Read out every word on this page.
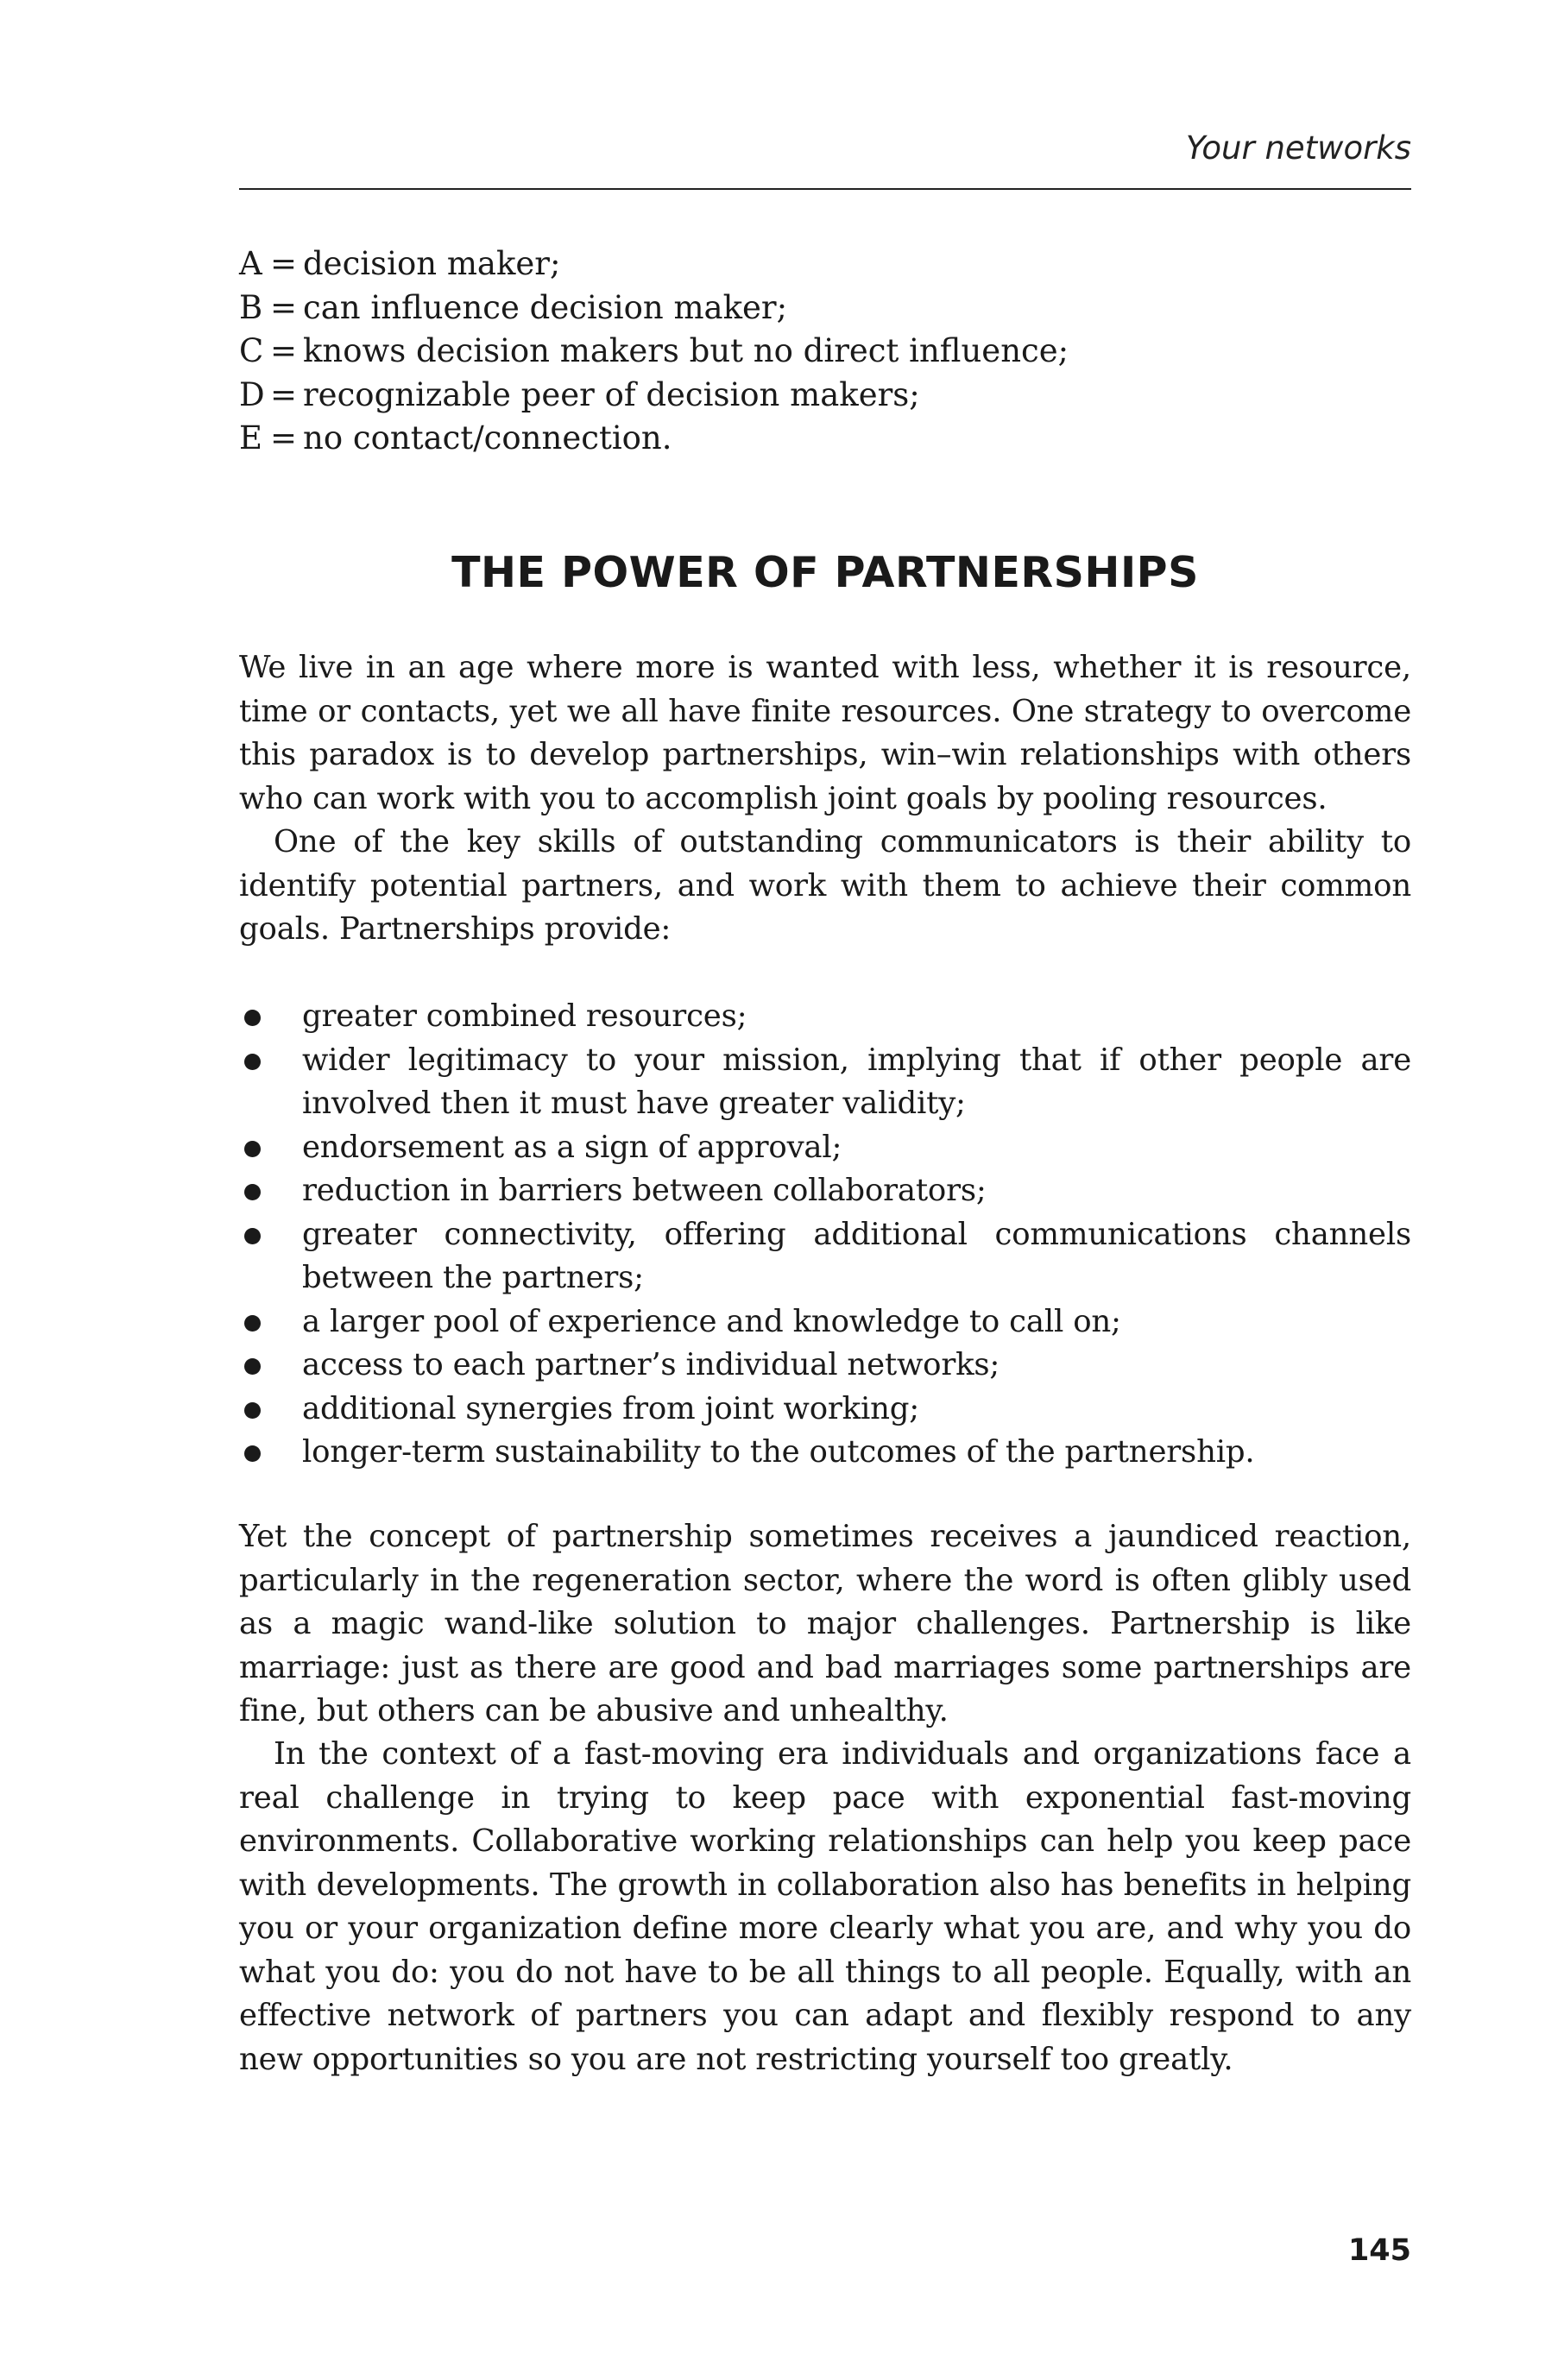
Your networks
A = decision maker;
B = can influence decision maker;
C = knows decision makers but no direct influence;
D = recognizable peer of decision makers;
E = no contact/connection.
THE POWER OF PARTNERSHIPS

We live in an age where more is wanted with less, whether it is resource, time or contacts, yet we all have finite resources. One strategy to overcome this paradox is to develop partnerships, win–win relationships with others who can work with you to accomplish joint goals by pooling resources.

One of the key skills of outstanding communicators is their ability to identify potential partners, and work with them to achieve their common goals. Partnerships provide:

greater combined resources;
wider legitimacy to your mission, implying that if other people are involved then it must have greater validity;
endorsement as a sign of approval;
reduction in barriers between collaborators;
greater connectivity, offering additional communications channels between the partners;
a larger pool of experience and knowledge to call on;
access to each partner’s individual networks;
additional synergies from joint working;
longer-term sustainability to the outcomes of the partnership.

Yet the concept of partnership sometimes receives a jaundiced reaction, particularly in the regeneration sector, where the word is often glibly used as a magic wand-like solution to major challenges. Partnership is like marriage: just as there are good and bad marriages some partnerships are fine, but others can be abusive and unhealthy.

In the context of a fast-moving era individuals and organizations face a real challenge in trying to keep pace with exponential fast-moving environments. Collaborative working relationships can help you keep pace with developments. The growth in collaboration also has benefits in helping you or your organization define more clearly what you are, and why you do what you do: you do not have to be all things to all people. Equally, with an effective network of partners you can adapt and flexibly respond to any new opportunities so you are not restricting yourself too greatly.

145
